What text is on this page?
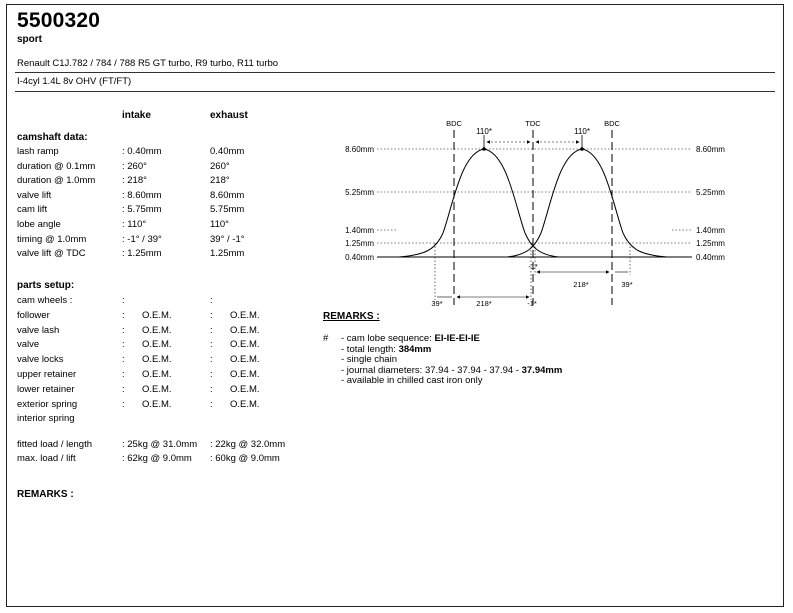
5500320
sport
Renault C1J.782 / 784 / 788 R5 GT turbo, R9 turbo, R11 turbo
I-4cyl 1.4L 8v OHV (FT/FT)
intake	exhaust
camshaft data:
lash ramp	: 0.40mm	0.40mm
duration @ 0.1mm	: 260°	260°
duration @ 1.0mm	: 218°	218°
valve lift	: 8.60mm	8.60mm
cam lift	: 5.75mm	5.75mm
lobe angle	: 110°	110°
timing @ 1.0mm	: -1° / 39°	39° / -1°
valve lift @ TDC	: 1.25mm	1.25mm
parts setup:
cam wheels :	:	:
follower	: O.E.M.	: O.E.M.
valve lash	: O.E.M.	: O.E.M.
valve	: O.E.M.	: O.E.M.
valve locks	: O.E.M.	: O.E.M.
upper retainer	: O.E.M.	: O.E.M.
lower retainer	: O.E.M.	: O.E.M.
exterior spring	: O.E.M.	: O.E.M.
interior spring
fitted load / length	: 25kg @ 31.0mm : 22kg @ 32.0mm
max. load / lift	: 62kg @ 9.0mm : 60kg @ 9.0mm
REMARKS :
REMARKS :
# - cam lobe sequence: EI-IE-EI-IE
- total length: 384mm
- single chain
- journal diameters: 37.94 - 37.94 - 37.94 - 37.94mm
- available in chilled cast iron only
BDC	TDC	BDC
110*	110*
8.60mm
5.25mm
1.40mm
1.25mm
0.40mm
8.60mm
5.25mm
1.40mm
1.25mm
0.40mm
-1*
218*	39*
39*	218*	-1*
